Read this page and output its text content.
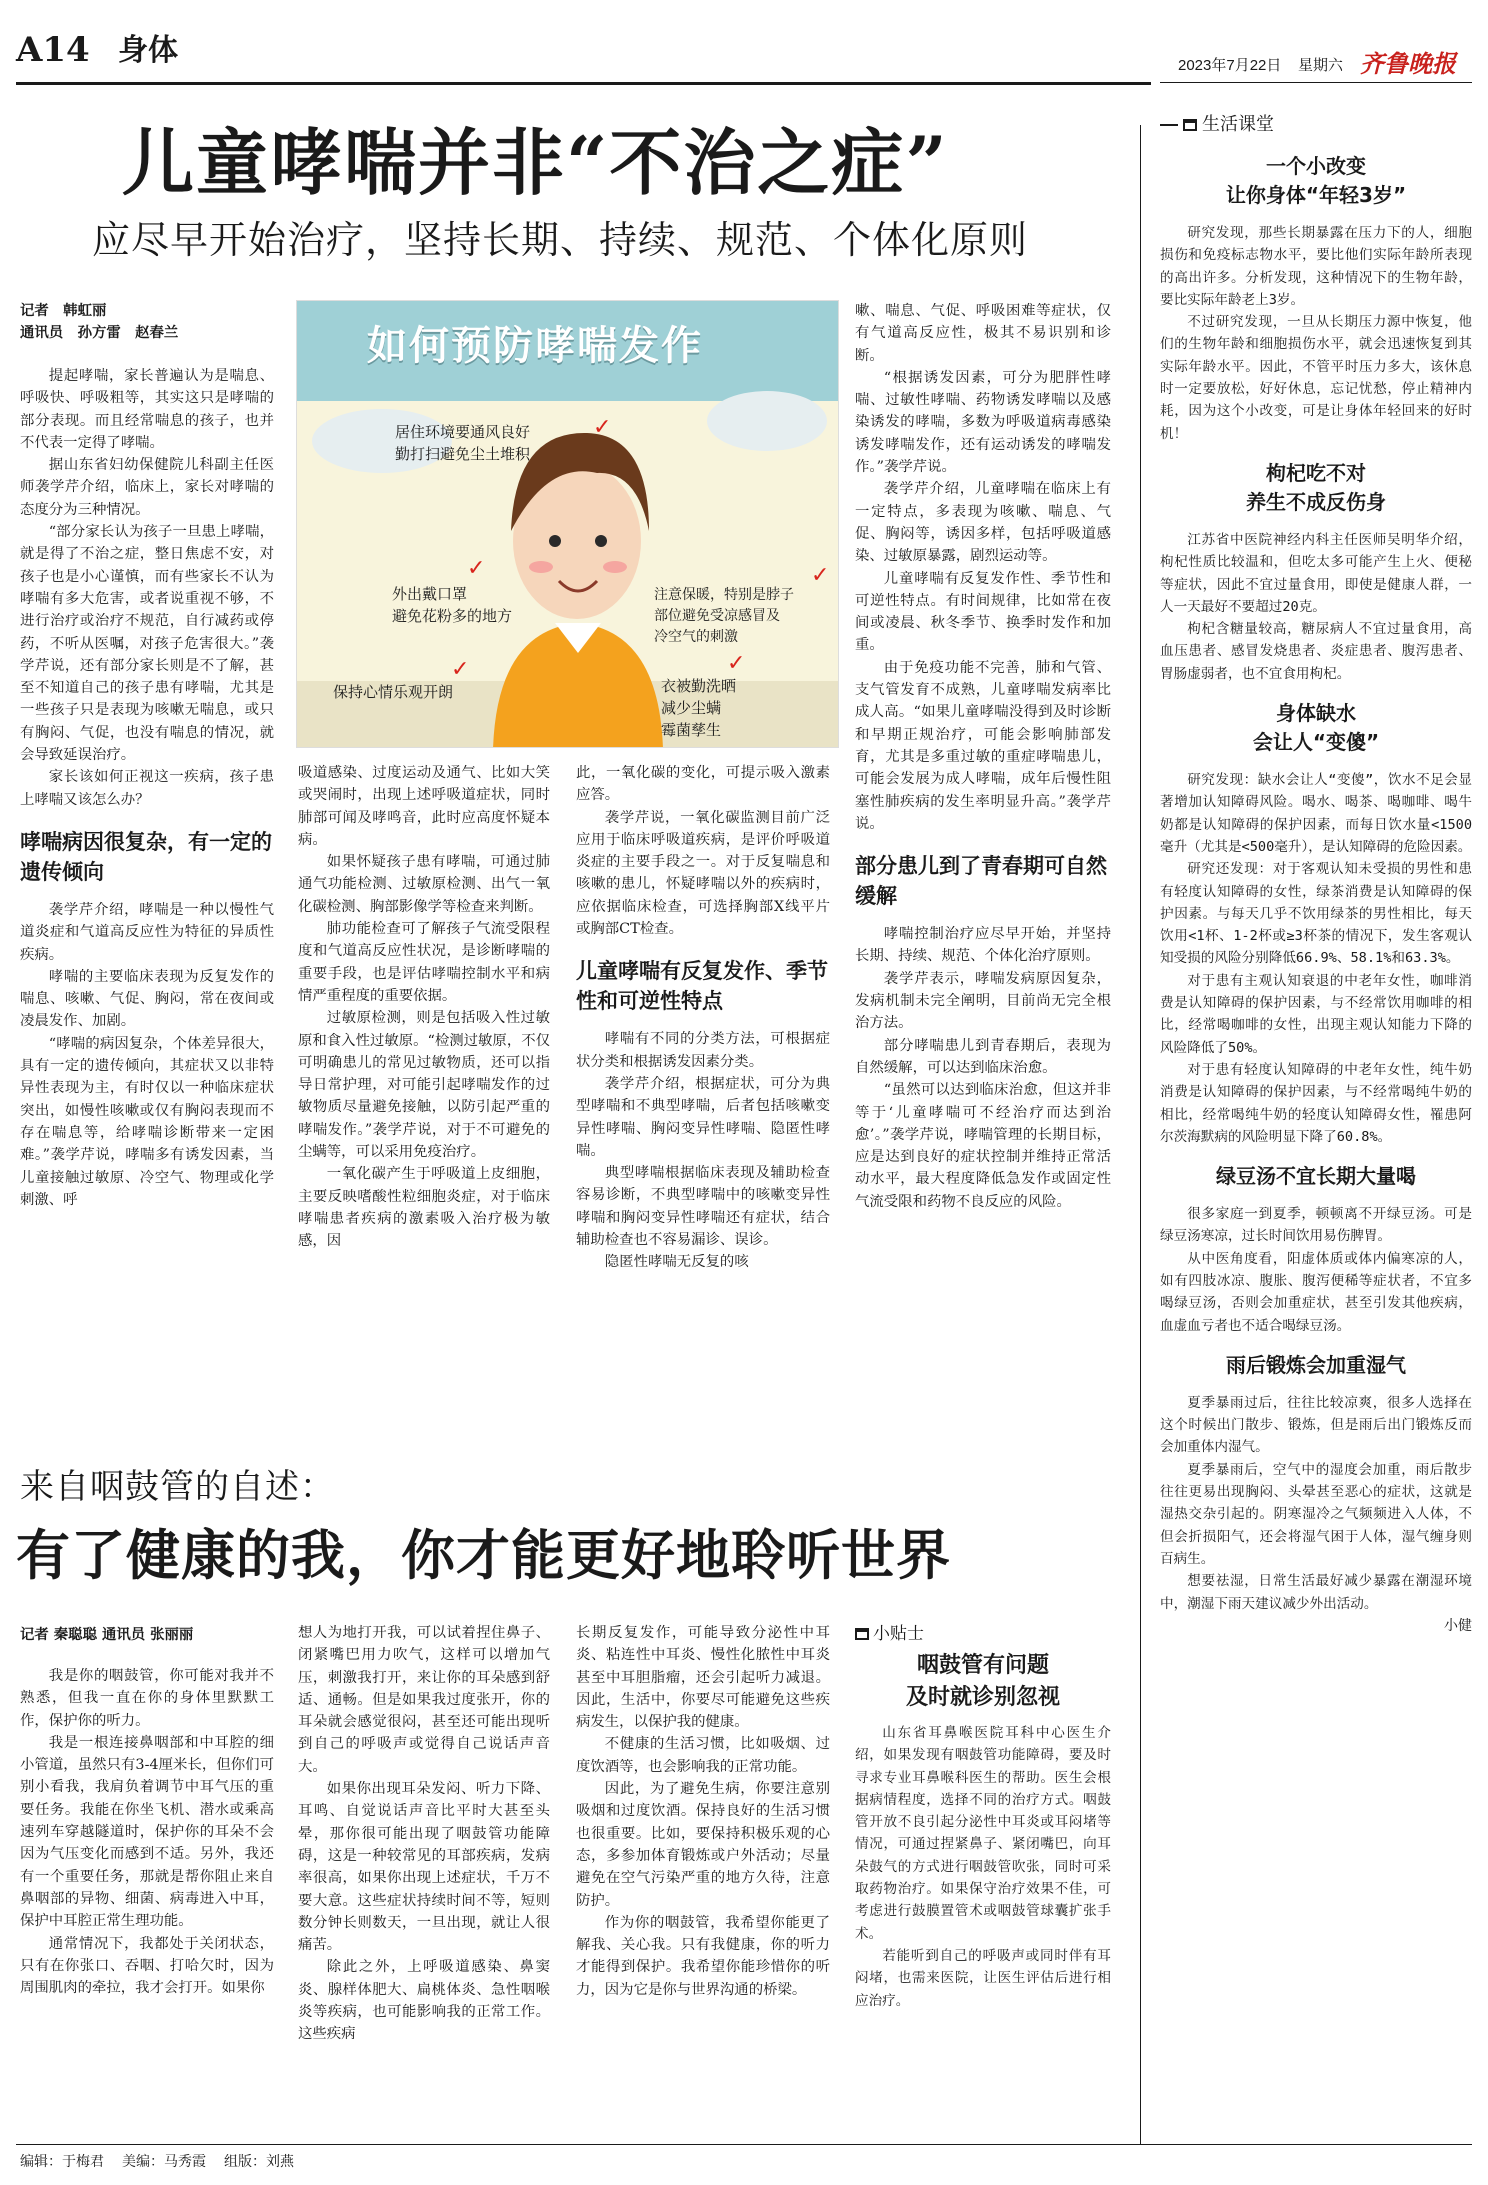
A14 身体	2023年7月22日 星期六 齐鲁晚报
儿童哮喘并非“不治之症”
应尽早开始治疗，坚持长期、持续、规范、个体化原则
记者　韩虹丽
通讯员　孙方雷　赵春兰	如何预防哮喘发作
居住环境要通风良好
勤打扫避免尘土堆积
✓
外出戴口罩
避免花粉多的地方
✓
注意保暖，特别是脖子
部位避免受凉感冒及
冷空气的刺激
✓
保持心情乐观开朗
✓
衣被勤洗晒
减少尘螨
霉菌孳生
✓

提起哮喘，家长普遍认为是喘息、呼吸快、呼吸粗等，其实这只是哮喘的部分表现。而且经常喘息的孩子，也并不代表一定得了哮喘。

据山东省妇幼保健院儿科副主任医师袭学芹介绍，临床上，家长对哮喘的态度分为三种情况。

“部分家长认为孩子一旦患上哮喘，就是得了不治之症，整日焦虑不安，对孩子也是小心谨慎，而有些家长不认为哮喘有多大危害，或者说重视不够，不进行治疗或治疗不规范，自行减药或停药，不听从医嘱，对孩子危害很大。”袭学芹说，还有部分家长则是不了解，甚至不知道自己的孩子患有哮喘，尤其是一些孩子只是表现为咳嗽无喘息，或只有胸闷、气促，也没有喘息的情况，就会导致延误治疗。

家长该如何正视这一疾病，孩子患上哮喘又该怎么办？

哮喘病因很复杂，有一定的遗传倾向

袭学芹介绍，哮喘是一种以慢性气道炎症和气道高反应性为特征的异质性疾病。

哮喘的主要临床表现为反复发作的喘息、咳嗽、气促、胸闷，常在夜间或凌晨发作、加剧。

“哮喘的病因复杂，个体差异很大，具有一定的遗传倾向，其症状又以非特异性表现为主，有时仅以一种临床症状突出，如慢性咳嗽或仅有胸闷表现而不存在喘息等，给哮喘诊断带来一定困难。”袭学芹说，哮喘多有诱发因素，当儿童接触过敏原、冷空气、物理或化学刺激、呼

吸道感染、过度运动及通气、比如大笑或哭闹时，出现上述呼吸道症状，同时肺部可闻及哮鸣音，此时应高度怀疑本病。

如果怀疑孩子患有哮喘，可通过肺通气功能检测、过敏原检测、出气一氧化碳检测、胸部影像学等检查来判断。

肺功能检查可了解孩子气流受限程度和气道高反应性状况，是诊断哮喘的重要手段，也是评估哮喘控制水平和病情严重程度的重要依据。

过敏原检测，则是包括吸入性过敏原和食入性过敏原。“检测过敏原，不仅可明确患儿的常见过敏物质，还可以指导日常护理，对可能引起哮喘发作的过敏物质尽量避免接触，以防引起严重的哮喘发作。”袭学芹说，对于不可避免的尘螨等，可以采用免疫治疗。

一氧化碳产生于呼吸道上皮细胞，主要反映嗜酸性粒细胞炎症，对于临床哮喘患者疾病的激素吸入治疗极为敏感，因

此，一氧化碳的变化，可提示吸入激素应答。

袭学芹说，一氧化碳监测目前广泛应用于临床呼吸道疾病，是评价呼吸道炎症的主要手段之一。对于反复喘息和咳嗽的患儿，怀疑哮喘以外的疾病时，应依据临床检查，可选择胸部X线平片或胸部CT检查。

儿童哮喘有反复发作、季节性和可逆性特点

哮喘有不同的分类方法，可根据症状分类和根据诱发因素分类。

袭学芹介绍，根据症状，可分为典型哮喘和不典型哮喘，后者包括咳嗽变异性哮喘、胸闷变异性哮喘、隐匿性哮喘。

典型哮喘根据临床表现及辅助检查容易诊断，不典型哮喘中的咳嗽变异性哮喘和胸闷变异性哮喘还有症状，结合辅助检查也不容易漏诊、误诊。

隐匿性哮喘无反复的咳

嗽、喘息、气促、呼吸困难等症状，仅有气道高反应性，极其不易识别和诊断。

“根据诱发因素，可分为肥胖性哮喘、过敏性哮喘、药物诱发哮喘以及感染诱发的哮喘，多数为呼吸道病毒感染诱发哮喘发作，还有运动诱发的哮喘发作。”袭学芹说。

袭学芹介绍，儿童哮喘在临床上有一定特点，多表现为咳嗽、喘息、气促、胸闷等，诱因多样，包括呼吸道感染、过敏原暴露，剧烈运动等。

儿童哮喘有反复发作性、季节性和可逆性特点。有时间规律，比如常在夜间或凌晨、秋冬季节、换季时发作和加重。

由于免疫功能不完善，肺和气管、支气管发育不成熟，儿童哮喘发病率比成人高。“如果儿童哮喘没得到及时诊断和早期正规治疗，可能会影响肺部发育，尤其是多重过敏的重症哮喘患儿，可能会发展为成人哮喘，成年后慢性阻塞性肺疾病的发生率明显升高。”袭学芹说。

部分患儿到了青春期可自然缓解

哮喘控制治疗应尽早开始，并坚持长期、持续、规范、个体化治疗原则。

袭学芹表示，哮喘发病原因复杂，发病机制未完全阐明，目前尚无完全根治方法。

部分哮喘患儿到青春期后，表现为自然缓解，可以达到临床治愈。

“虽然可以达到临床治愈，但这并非等于‘儿童哮喘可不经治疗而达到治愈’。”袭学芹说，哮喘管理的长期目标，应是达到良好的症状控制并维持正常活动水平，最大程度降低急发作或固定性气流受限和药物不良反应的风险。

来自咽鼓管的自述：
有了健康的我，你才能更好地聆听世界
记者 秦聪聪 通讯员 张丽丽

我是你的咽鼓管，你可能对我并不熟悉，但我一直在你的身体里默默工作，保护你的听力。

我是一根连接鼻咽部和中耳腔的细小管道，虽然只有3-4厘米长，但你们可别小看我，我肩负着调节中耳气压的重要任务。我能在你坐飞机、潜水或乘高速列车穿越隧道时，保护你的耳朵不会因为气压变化而感到不适。另外，我还有一个重要任务，那就是帮你阻止来自鼻咽部的异物、细菌、病毒进入中耳，保护中耳腔正常生理功能。

通常情况下，我都处于关闭状态，只有在你张口、吞咽、打哈欠时，因为周围肌肉的牵拉，我才会打开。如果你

想人为地打开我，可以试着捏住鼻子、闭紧嘴巴用力吹气，这样可以增加气压，刺激我打开，来让你的耳朵感到舒适、通畅。但是如果我过度张开，你的耳朵就会感觉很闷，甚至还可能出现听到自己的呼吸声或觉得自己说话声音大。

如果你出现耳朵发闷、听力下降、耳鸣、自觉说话声音比平时大甚至头晕，那你很可能出现了咽鼓管功能障碍，这是一种较常见的耳部疾病，发病率很高，如果你出现上述症状，千万不要大意。这些症状持续时间不等，短则数分钟长则数天，一旦出现，就让人很痛苦。

除此之外，上呼吸道感染、鼻窦炎、腺样体肥大、扁桃体炎、急性咽喉炎等疾病，也可能影响我的正常工作。这些疾病

长期反复发作，可能导致分泌性中耳炎、粘连性中耳炎、慢性化脓性中耳炎甚至中耳胆脂瘤，还会引起听力减退。因此，生活中，你要尽可能避免这些疾病发生，以保护我的健康。

不健康的生活习惯，比如吸烟、过度饮酒等，也会影响我的正常功能。

因此，为了避免生病，你要注意别吸烟和过度饮酒。保持良好的生活习惯也很重要。比如，要保持积极乐观的心态，多参加体育锻炼或户外活动；尽量避免在空气污染严重的地方久待，注意防护。

作为你的咽鼓管，我希望你能更了解我、关心我。只有我健康，你的听力才能得到保护。我希望你能珍惜你的听力，因为它是你与世界沟通的桥梁。

小贴士
咽鼓管有问题
及时就诊别忽视

山东省耳鼻喉医院耳科中心医生介绍，如果发现有咽鼓管功能障碍，要及时寻求专业耳鼻喉科医生的帮助。医生会根据病情程度，选择不同的治疗方式。咽鼓管开放不良引起分泌性中耳炎或耳闷堵等情况，可通过捏紧鼻子、紧闭嘴巴，向耳朵鼓气的方式进行咽鼓管吹张，同时可采取药物治疗。如果保守治疗效果不佳，可考虑进行鼓膜置管术或咽鼓管球囊扩张手术。

若能听到自己的呼吸声或同时伴有耳闷堵，也需来医院，让医生评估后进行相应治疗。

生活课堂
一个小改变
让你身体“年轻3岁”

研究发现，那些长期暴露在压力下的人，细胞损伤和免疫标志物水平，要比他们实际年龄所表现的高出许多。分析发现，这种情况下的生物年龄，要比实际年龄老上3岁。

不过研究发现，一旦从长期压力源中恢复，他们的生物年龄和细胞损伤水平，就会迅速恢复到其实际年龄水平。因此，不管平时压力多大，该休息时一定要放松，好好休息，忘记忧愁，停止精神内耗，因为这个小改变，可是让身体年轻回来的好时机！

枸杞吃不对
养生不成反伤身

江苏省中医院神经内科主任医师吴明华介绍，枸杞性质比较温和，但吃太多可能产生上火、便秘等症状，因此不宜过量食用，即使是健康人群，一人一天最好不要超过20克。

枸杞含糖量较高，糖尿病人不宜过量食用，高血压患者、感冒发烧患者、炎症患者、腹泻患者、胃肠虚弱者，也不宜食用枸杞。

身体缺水
会让人“变傻”

研究发现：缺水会让人“变傻”，饮水不足会显著增加认知障碍风险。喝水、喝茶、喝咖啡、喝牛奶都是认知障碍的保护因素，而每日饮水量<1500毫升（尤其是<500毫升），是认知障碍的危险因素。

研究还发现：对于客观认知未受损的男性和患有轻度认知障碍的女性，绿茶消费是认知障碍的保护因素。与每天几乎不饮用绿茶的男性相比，每天饮用<1杯、1-2杯或≥3杯茶的情况下，发生客观认知受损的风险分别降低66.9%、58.1%和63.3%。

对于患有主观认知衰退的中老年女性，咖啡消费是认知障碍的保护因素，与不经常饮用咖啡的相比，经常喝咖啡的女性，出现主观认知能力下降的风险降低了50%。

对于患有轻度认知障碍的中老年女性，纯牛奶消费是认知障碍的保护因素，与不经常喝纯牛奶的相比，经常喝纯牛奶的轻度认知障碍女性，罹患阿尔茨海默病的风险明显下降了60.8%。

绿豆汤不宜长期大量喝

很多家庭一到夏季，顿顿离不开绿豆汤。可是绿豆汤寒凉，过长时间饮用易伤脾胃。

从中医角度看，阳虚体质或体内偏寒凉的人，如有四肢冰凉、腹胀、腹泻便稀等症状者，不宜多喝绿豆汤，否则会加重症状，甚至引发其他疾病，血虚血亏者也不适合喝绿豆汤。

雨后锻炼会加重湿气

夏季暴雨过后，往往比较凉爽，很多人选择在这个时候出门散步、锻炼，但是雨后出门锻炼反而会加重体内湿气。

夏季暴雨后，空气中的湿度会加重，雨后散步往往更易出现胸闷、头晕甚至恶心的症状，这就是湿热交杂引起的。阴寒湿冷之气频频进入人体，不但会折损阳气，还会将湿气困于人体，湿气缠身则百病生。

想要祛湿，日常生活最好减少暴露在潮湿环境中，潮湿下雨天建议减少外出活动。

小健
编辑：于梅君 美编：马秀霞 组版：刘燕
